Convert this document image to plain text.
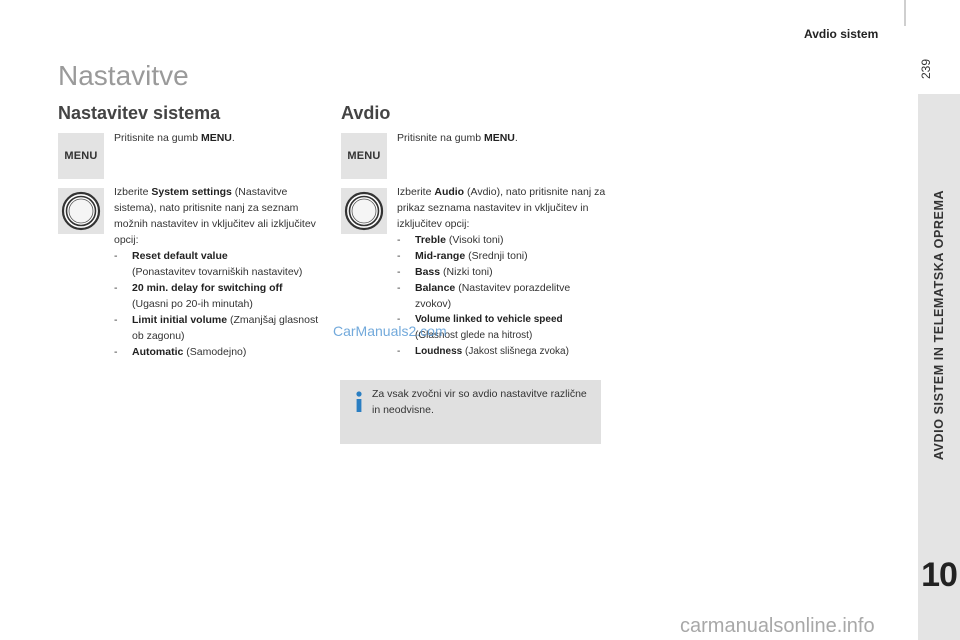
Avdio sistem
239
AVDIO SISTEM IN TELEMATSKA OPREMA
10
Nastavitve
Nastavitev sistema
MENU
Pritisnite na gumb MENU.
Izberite System settings (Nastavitve sistema), nato pritisnite nanj za seznam možnih nastavitev in vključitev ali izključitev opcij:
-	Reset default value
(Ponastavitev tovarniških nastavitev)
-	20 min. delay for switching off
(Ugasni po 20-ih minutah)
-	Limit initial volume (Zmanjšaj glasnost ob zagonu)
-	Automatic (Samodejno)
Avdio
MENU
Pritisnite na gumb MENU.
Izberite Audio (Avdio), nato pritisnite nanj za prikaz seznama nastavitev in vključitev in izključitev opcij:
-	Treble (Visoki toni)
-	Mid-range (Srednji toni)
-	Bass (Nizki toni)
-	Balance (Nastavitev porazdelitve zvokov)
-	Volume linked to vehicle speed
(Glasnost glede na hitrost)
-	Loudness (Jakost slišnega zvoka)
Za vsak zvočni vir so avdio nastavitve različne in neodvisne.
CarManuals2.com
carmanualsonline.info
